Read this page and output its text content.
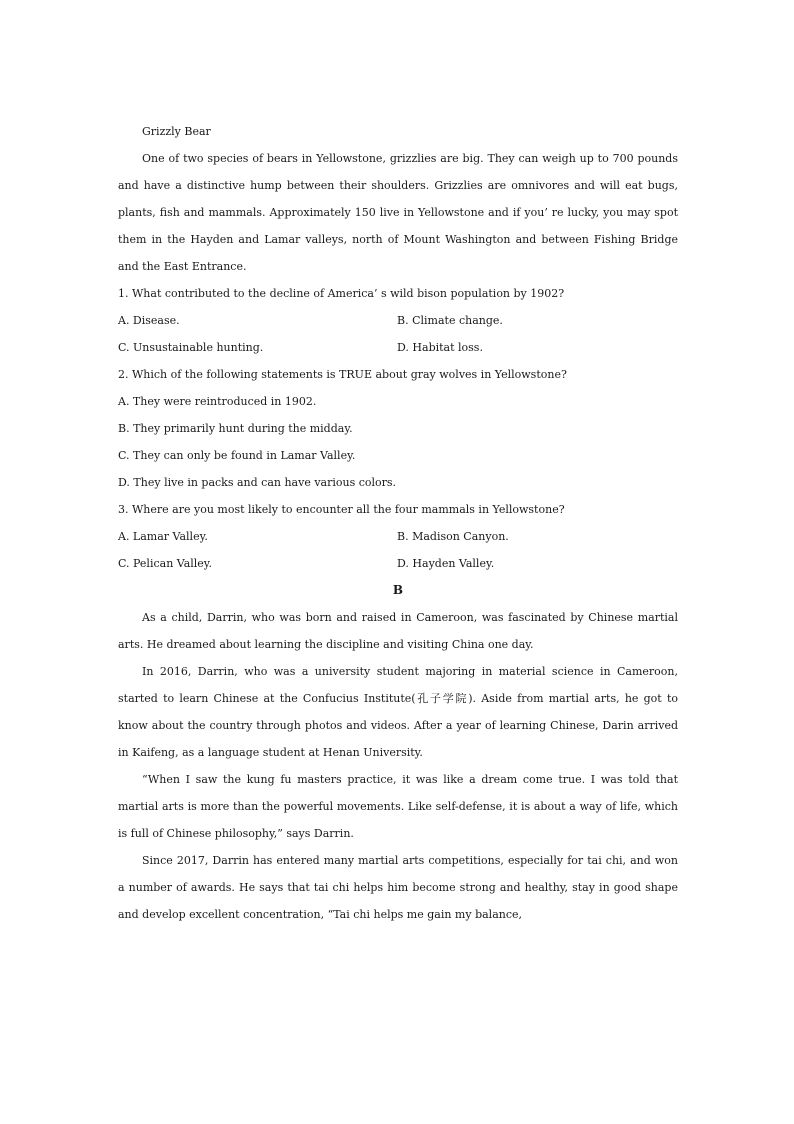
Grizzly Bear

One of two species of bears in Yellowstone, grizzlies are big. They can weigh up to 700 pounds and have a distinctive hump between their shoulders. Grizzlies are omnivores and will eat bugs, plants, fish and mammals. Approximately 150 live in Yellowstone and if you’ re lucky, you may spot them in the Hayden and Lamar valleys, north of Mount Washington and between Fishing Bridge and the East Entrance.

1. What contributed to the decline of America’ s wild bison population by 1902?

A. Disease.	B. Climate change.

C. Unsustainable hunting.	D. Habitat loss.

2. Which of the following statements is TRUE about gray wolves in Yellowstone?

A. They were reintroduced in 1902.

B. They primarily hunt during the midday.

C. They can only be found in Lamar Valley.

D. They live in packs and can have various colors.

3. Where are you most likely to encounter all the four mammals in Yellowstone?

A. Lamar Valley.	B. Madison Canyon.

C. Pelican Valley.	D. Hayden Valley.

B

As a child, Darrin, who was born and raised in Cameroon, was fascinated by Chinese martial arts. He dreamed about learning the discipline and visiting China one day.

In 2016, Darrin, who was a university student majoring in material science in Cameroon, started to learn Chinese at the Confucius Institute(孔子学院). Aside from martial arts, he got to know about the country through photos and videos. After a year of learning Chinese, Darin arrived in Kaifeng, as a language student at Henan University.

“When I saw the kung fu masters practice, it was like a dream come true. I was told that martial arts is more than the powerful movements. Like self-defense, it is about a way of life, which is full of Chinese philosophy,” says Darrin.

Since 2017, Darrin has entered many martial arts competitions, especially for tai chi, and won a number of awards. He says that tai chi helps him become strong and healthy, stay in good shape and develop excellent concentration, “Tai chi helps me gain my balance,
